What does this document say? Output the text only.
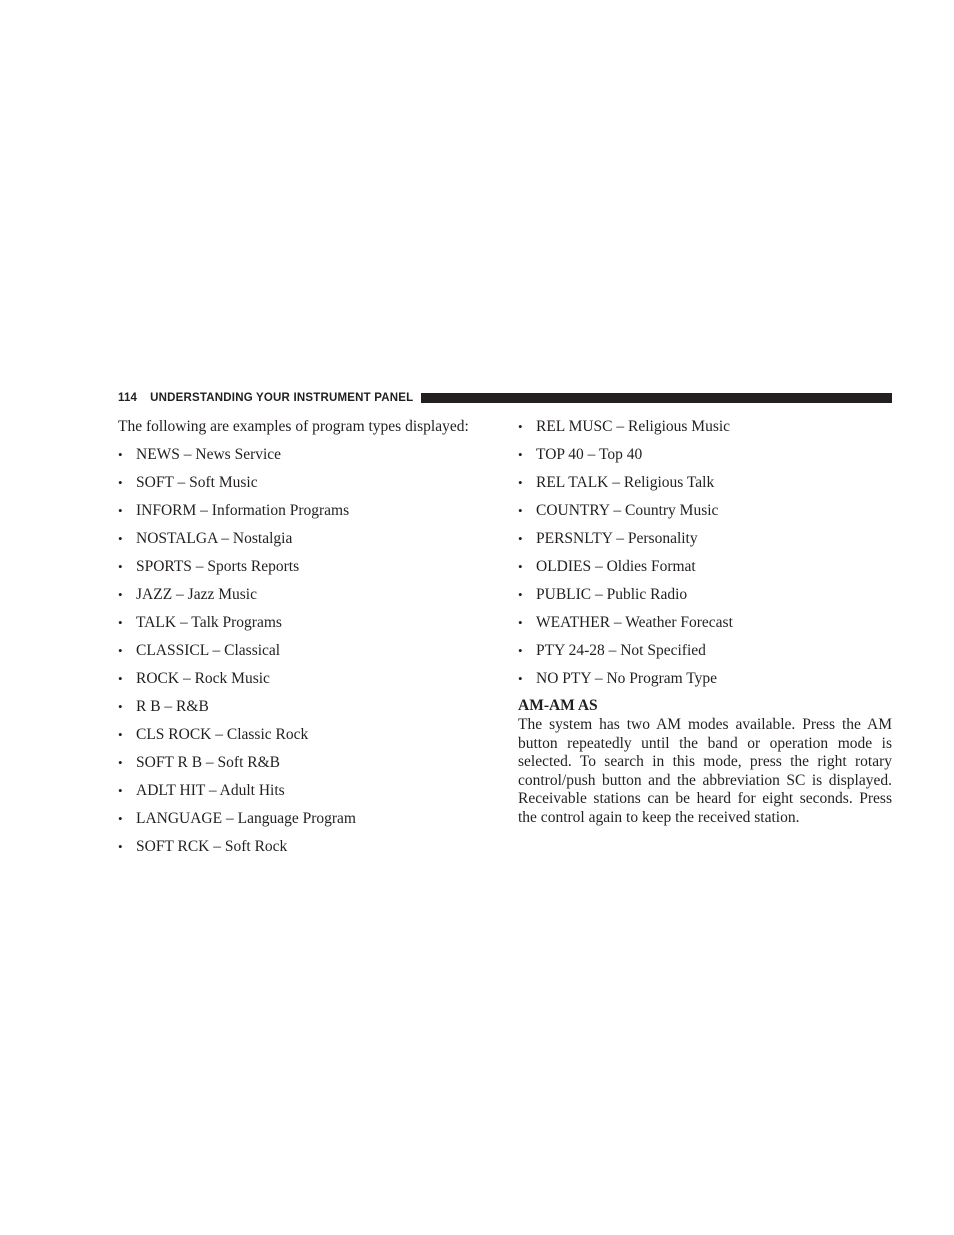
114 UNDERSTANDING YOUR INSTRUMENT PANEL
The following are examples of program types displayed:
• NEWS – News Service
• SOFT – Soft Music
• INFORM – Information Programs
• NOSTALGA – Nostalgia
• SPORTS – Sports Reports
• JAZZ – Jazz Music
• TALK – Talk Programs
• CLASSICL – Classical
• ROCK – Rock Music
• R B – R&B
• CLS ROCK – Classic Rock
• SOFT R B – Soft R&B
• ADLT HIT – Adult Hits
• LANGUAGE – Language Program
• SOFT RCK – Soft Rock
• REL MUSC – Religious Music
• TOP 40 – Top 40
• REL TALK – Religious Talk
• COUNTRY – Country Music
• PERSNLTY – Personality
• OLDIES – Oldies Format
• PUBLIC – Public Radio
• WEATHER – Weather Forecast
• PTY 24-28 – Not Specified
• NO PTY – No Program Type
AM-AM AS

The system has two AM modes available. Press the AM button repeatedly until the band or operation mode is selected. To search in this mode, press the right rotary control/push button and the abbreviation SC is displayed. Receivable stations can be heard for eight seconds. Press the control again to keep the received station.
